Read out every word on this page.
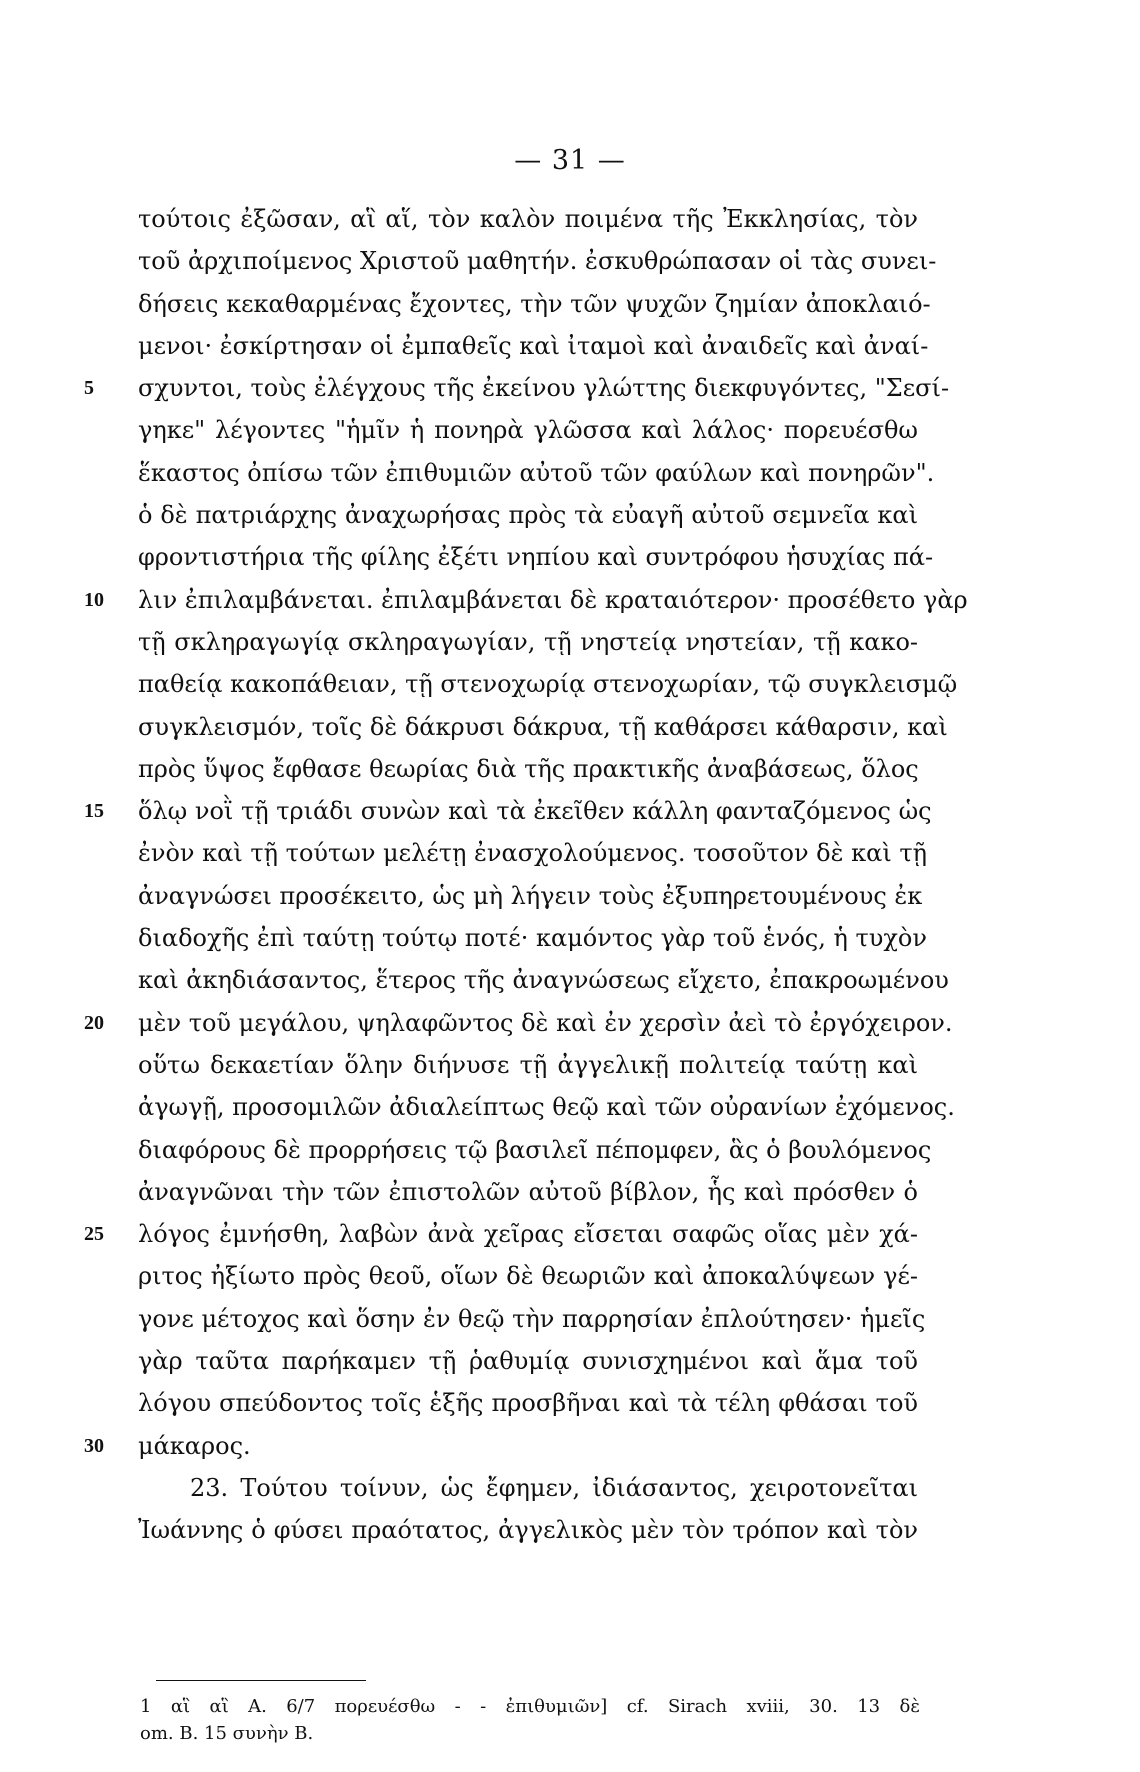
— 31 —
τούτοις ἐξῶσαν, αἳ αἵ, τὸν καλὸν ποιμένα τῆς Ἐκκλησίας, τὸν
τοῦ ἀρχιποίμενος Χριστοῦ μαθητήν. ἐσκυθρώπασαν οἱ τὰς συνει-
δήσεις κεκαθαρμένας ἔχοντες, τὴν τῶν ψυχῶν ζημίαν ἀποκλαιό-
μενοι· ἐσκίρτησαν οἱ ἐμπαθεῖς καὶ ἰταμοὶ καὶ ἀναιδεῖς καὶ ἀναί-
5	σχυντοι, τοὺς ἐλέγχους τῆς ἐκείνου γλώττης διεκφυγόντες, "Σεσί-
γηκε" λέγοντες "ἡμῖν ἡ πονηρὰ γλῶσσα καὶ λάλος· πορευέσθω
ἕκαστος ὀπίσω τῶν ἐπιθυμιῶν αὐτοῦ τῶν φαύλων καὶ πονηρῶν".
ὁ δὲ πατριάρχης ἀναχωρήσας πρὸς τὰ εὐαγῆ αὐτοῦ σεμνεῖα καὶ
φροντιστήρια τῆς φίλης ἐξέτι νηπίου καὶ συντρόφου ἡσυχίας πά-
10	λιν ἐπιλαμβάνεται. ἐπιλαμβάνεται δὲ κραταιότερον· προσέθετο γὰρ
τῇ σκληραγωγίᾳ σκληραγωγίαν, τῇ νηστείᾳ νηστείαν, τῇ κακο-
παθείᾳ κακοπάθειαν, τῇ στενοχωρίᾳ στενοχωρίαν, τῷ συγκλεισμῷ
συγκλεισμόν, τοῖς δὲ δάκρυσι δάκρυα, τῇ καθάρσει κάθαρσιν, καὶ
πρὸς ὕψος ἔφθασε θεωρίας διὰ τῆς πρακτικῆς ἀναβάσεως, ὅλος
15	ὅλῳ νοῒ τῇ τριάδι συνὼν καὶ τὰ ἐκεῖθεν κάλλη φανταζόμενος ὡς
ἐνὸν καὶ τῇ τούτων μελέτῃ ἐνασχολούμενος. τοσοῦτον δὲ καὶ τῇ
ἀναγνώσει προσέκειτο, ὡς μὴ λήγειν τοὺς ἐξυπηρετουμένους ἐκ
διαδοχῆς ἐπὶ ταύτῃ τούτῳ ποτέ· καμόντος γὰρ τοῦ ἑνός, ἡ τυχὸν
καὶ ἀκηδιάσαντος, ἕτερος τῆς ἀναγνώσεως εἴχετο, ἐπακροωμένου
20	μὲν τοῦ μεγάλου, ψηλαφῶντος δὲ καὶ ἐν χερσὶν ἀεὶ τὸ ἐργόχειρον.
οὕτω δεκαετίαν ὅλην διήνυσε τῇ ἀγγελικῇ πολιτείᾳ ταύτῃ καὶ
ἀγωγῇ, προσομιλῶν ἀδιαλείπτως θεῷ καὶ τῶν οὐρανίων ἐχόμενος.
διαφόρους δὲ προρρήσεις τῷ βασιλεῖ πέπομφεν, ἃς ὁ βουλόμενος
ἀναγνῶναι τὴν τῶν ἐπιστολῶν αὐτοῦ βίβλον, ἧς καὶ πρόσθεν ὁ
25	λόγος ἐμνήσθη, λαβὼν ἀνὰ χεῖρας εἴσεται σαφῶς οἵας μὲν χά-
ριτος ἠξίωτο πρὸς θεοῦ, οἵων δὲ θεωριῶν καὶ ἀποκαλύψεων γέ-
γονε μέτοχος καὶ ὅσην ἐν θεῷ τὴν παρρησίαν ἐπλούτησεν· ἡμεῖς
γὰρ ταῦτα παρήκαμεν τῇ ῥαθυμίᾳ συνισχημένοι καὶ ἅμα τοῦ
λόγου σπεύδοντος τοῖς ἑξῆς προσβῆναι καὶ τὰ τέλη φθάσαι τοῦ
30	μάκαρος.
23. Τούτου τοίνυν, ὡς ἔφημεν, ἰδιάσαντος, χειροτονεῖται
Ἰωάννης ὁ φύσει πραότατος, ἀγγελικὸς μὲν τὸν τρόπον καὶ τὸν
1 αἳ αἳ Α. 6/7 πορευέσθω - - ἐπιθυμιῶν] cf. Sirach xviii, 30. 13 δὲ
om. B. 15 συνὴν B.
